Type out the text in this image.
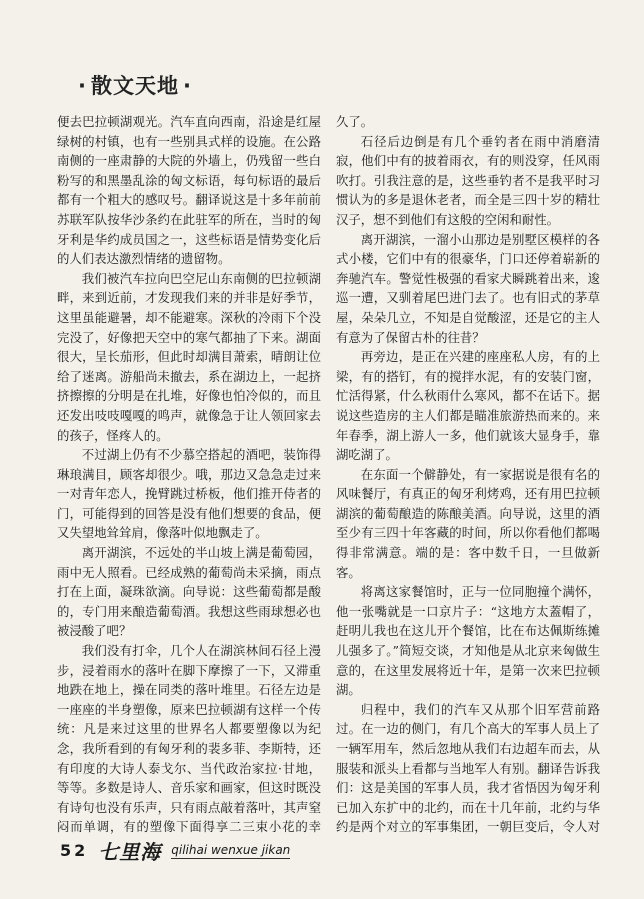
· 散文天地 ·

便去巴拉顿湖观光。汽车直向西南，沿途是红屋绿树的村镇，也有一些别具式样的设施。在公路南侧的一座肃静的大院的外墙上，仍残留一些白粉写的和黑墨乱涂的匈文标语，每句标语的最后都有一个粗大的感叹号。翻译说这是十多年前前苏联军队按华沙条约在此驻军的所在，当时的匈牙利是华约成员国之一，这些标语是情势变化后的人们表达激烈情绪的遗留物。

我们被汽车拉向巴空尼山东南侧的巴拉顿湖畔，来到近前，才发现我们来的并非是好季节，这里虽能避暑，却不能避寒。深秋的冷雨下个没完没了，好像把天空中的寒气都抽了下来。湖面很大，呈长茄形，但此时却满目萧索，晴朗让位给了迷离。游船尚未撤去，系在湖边上，一起挤挤擦擦的分明是在扎堆，好像也怕冷似的，而且还发出吱吱嘎嘎的鸣声，就像急于让人领回家去的孩子，怪疼人的。

不过湖上仍有不少慕空搭起的酒吧，装饰得琳琅满目，顾客却很少。哦，那边又急急走过来一对青年恋人，挽臂跳过桥板，他们推开侍者的门，可能得到的回答是没有他们想要的食品，便又失望地耸耸肩，像落叶似地飘走了。

离开湖滨，不远处的半山坡上满是葡萄园，雨中无人照看。已经成熟的葡萄尚未采摘，雨点打在上面，凝珠欲滴。向导说：这些葡萄都是酸的，专门用来酿造葡萄酒。我想这些雨球想必也被浸酸了吧？

我们没有打伞，几个人在湖滨林间石径上漫步，浸着雨水的落叶在脚下摩擦了一下，又滞重地跌在地上，操在同类的落叶堆里。石径左边是一座座的半身塑像，原来巴拉顿湖有这样一个传统：凡是来过这里的世界名人都要塑像以为纪念，我所看到的有匈牙利的裴多菲、李斯特，还有印度的大诗人泰戈尔、当代政治家拉·甘地，等等。多数是诗人、音乐家和画家，但这时既没有诗句也没有乐声，只有雨点敲着落叶，其声窒闷而单调，有的塑像下面得享二三束小花的幸

久了。

石径后边倒是有几个垂钓者在雨中消磨清寂，他们中有的披着雨衣，有的则没穿，任风雨吹打。引我注意的是，这些垂钓者不是我平时习惯认为的多是退休老者，而全是三四十岁的精壮汉子，想不到他们有这般的空闲和耐性。

离开湖滨，一溜小山那边是别墅区模样的各式小楼，它们中有的很豪华，门口还停着崭新的奔驰汽车。警觉性极强的看家犬瞬跳着出来，逡巡一遭，又驯着尾巴进门去了。也有旧式的茅草屋，朵朵几立，不知是自觉酸涩，还是它的主人有意为了保留古朴的往昔？

再旁边，是正在兴建的座座私人房，有的上梁，有的搭钉，有的搅拌水泥，有的安装门窗，忙活得紧，什么秋雨什么寒风，都不在话下。据说这些造房的主人们都是瞄准旅游热而来的。来年春季，湖上游人一多，他们就该大显身手，靠湖吃湖了。

在东面一个僻静处，有一家据说是很有名的风味餐厅，有真正的匈牙利烤鸡，还有用巴拉顿湖滨的葡萄酿造的陈酿美酒。向导说，这里的酒至少有三四十年客藏的时间，所以你看他们都喝得非常满意。端的是：客中数千日，一旦做新客。

将离这家餐馆时，正与一位同胞撞个满怀，他一张嘴就是一口京片子：“这地方太蓋帽了，赶明儿我也在这儿开个餐馆，比在布达佩斯练摊儿强多了。”简短交谈，才知他是从北京来匈做生意的，在这里发展将近十年，是第一次来巴拉顿湖。

归程中，我们的汽车又从那个旧军营前路过。在一边的侧门，有几个高大的军事人员上了一辆军用车，然后忽地从我们右边超车而去，从服装和派头上看都与当地军人有别。翻译告诉我们：这是美国的军事人员，我才省悟因为匈牙利已加入东扩中的北约，而在十几年前，北约与华约是两个对立的军事集团，一朝巨变后，令人对

52 七里海 qilihai wenxue jikan
